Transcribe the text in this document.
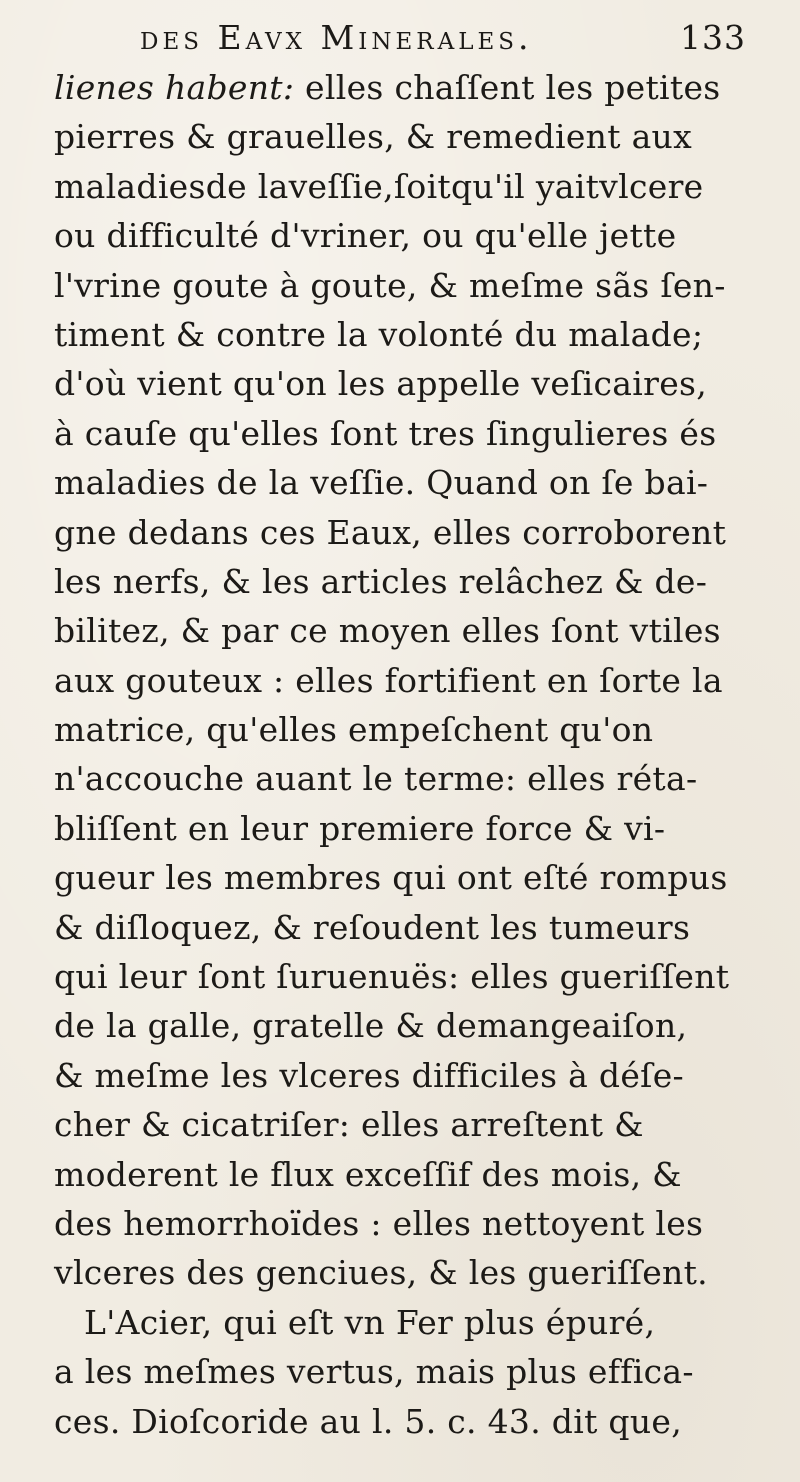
des Eavx Minerales.	133
lienes habent: elles chaſſent les petites
pierres & grauelles, & remedient aux
maladiesde laveſſie,ſoitqu'il yaitvlcere
ou difficulté d'vriner, ou qu'elle jette
l'vrine goute à goute, & meſme sãs ſen-
timent & contre la volonté du malade;
d'où vient qu'on les appelle veſicaires,
à cauſe qu'elles ſont tres ſingulieres és
maladies de la veſſie. Quand on ſe bai-
gne dedans ces Eaux, elles corroborent
les nerfs, & les articles relâchez & de-
bilitez, & par ce moyen elles ſont vtiles
aux gouteux : elles fortifient en ſorte la
matrice, qu'elles empeſchent qu'on
n'accouche auant le terme: elles réta-
bliſſent en leur premiere force & vi-
gueur les membres qui ont eſté rompus
& diſloquez, & reſoudent les tumeurs
qui leur ſont ſuruenuës: elles gueriſſent
de la galle, gratelle & demangeaiſon,
& meſme les vlceres difficiles à déſe-
cher & cicatriſer: elles arreſtent &
moderent le flux exceſſif des mois, &
des hemorrhoïdes : elles nettoyent les
vlceres des genciues, & les gueriſſent.
L'Acier, qui eſt vn Fer plus épuré,
a les meſmes vertus, mais plus effica-
ces. Dioſcoride au l. 5. c. 43. dit que,
